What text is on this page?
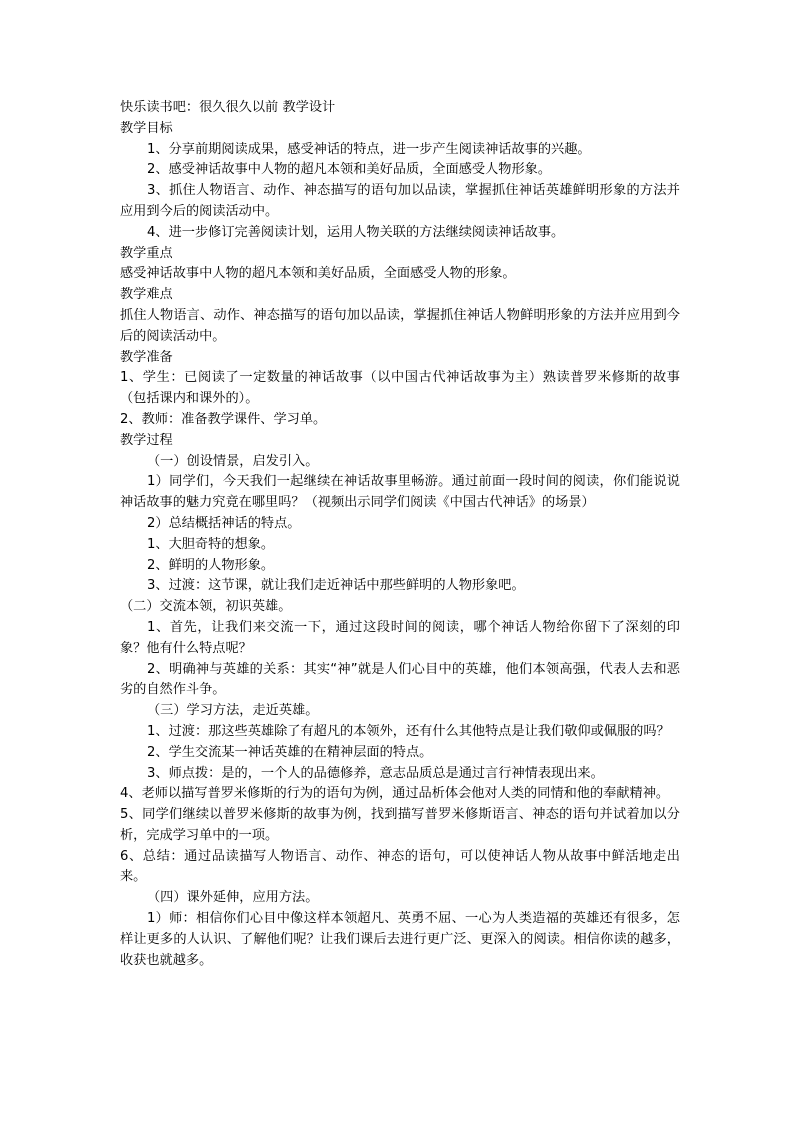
快乐读书吧：很久很久以前 教学设计
教学目标
1、分享前期阅读成果，感受神话的特点，进一步产生阅读神话故事的兴趣。
2、感受神话故事中人物的超凡本领和美好品质，全面感受人物形象。
3、抓住人物语言、动作、神态描写的语句加以品读，掌握抓住神话英雄鲜明形象的方法并应用到今后的阅读活动中。
4、进一步修订完善阅读计划，运用人物关联的方法继续阅读神话故事。
教学重点
感受神话故事中人物的超凡本领和美好品质，全面感受人物的形象。
教学难点
抓住人物语言、动作、神态描写的语句加以品读，掌握抓住神话人物鲜明形象的方法并应用到今后的阅读活动中。
教学准备
1、学生：已阅读了一定数量的神话故事（以中国古代神话故事为主）熟读普罗米修斯的故事（包括课内和课外的）。
2、教师：准备教学课件、学习单。
教学过程
（一）创设情景，启发引入。
1）同学们，今天我们一起继续在神话故事里畅游。通过前面一段时间的阅读，你们能说说神话故事的魅力究竟在哪里吗？（视频出示同学们阅读《中国古代神话》的场景）
2）总结概括神话的特点。
1、大胆奇特的想象。
2、鲜明的人物形象。
3、过渡：这节课，就让我们走近神话中那些鲜明的人物形象吧。
（二）交流本领，初识英雄。
1、首先，让我们来交流一下，通过这段时间的阅读，哪个神话人物给你留下了深刻的印象？他有什么特点呢？
2、明确神与英雄的关系：其实“神”就是人们心目中的英雄，他们本领高强，代表人去和恶劣的自然作斗争。
（三）学习方法，走近英雄。
1、过渡：那这些英雄除了有超凡的本领外，还有什么其他特点是让我们敬仰或佩服的吗？
2、学生交流某一神话英雄的在精神层面的特点。
3、师点拨：是的，一个人的品德修养，意志品质总是通过言行神情表现出来。
4、老师以描写普罗米修斯的行为的语句为例，通过品析体会他对人类的同情和他的奉献精神。
5、同学们继续以普罗米修斯的故事为例，找到描写普罗米修斯语言、神态的语句并试着加以分析，完成学习单中的一项。
6、总结：通过品读描写人物语言、动作、神态的语句，可以使神话人物从故事中鲜活地走出来。
（四）课外延伸，应用方法。
1）师：相信你们心目中像这样本领超凡、英勇不屈、一心为人类造福的英雄还有很多，怎样让更多的人认识、了解他们呢？让我们课后去进行更广泛、更深入的阅读。相信你读的越多，收获也就越多。
